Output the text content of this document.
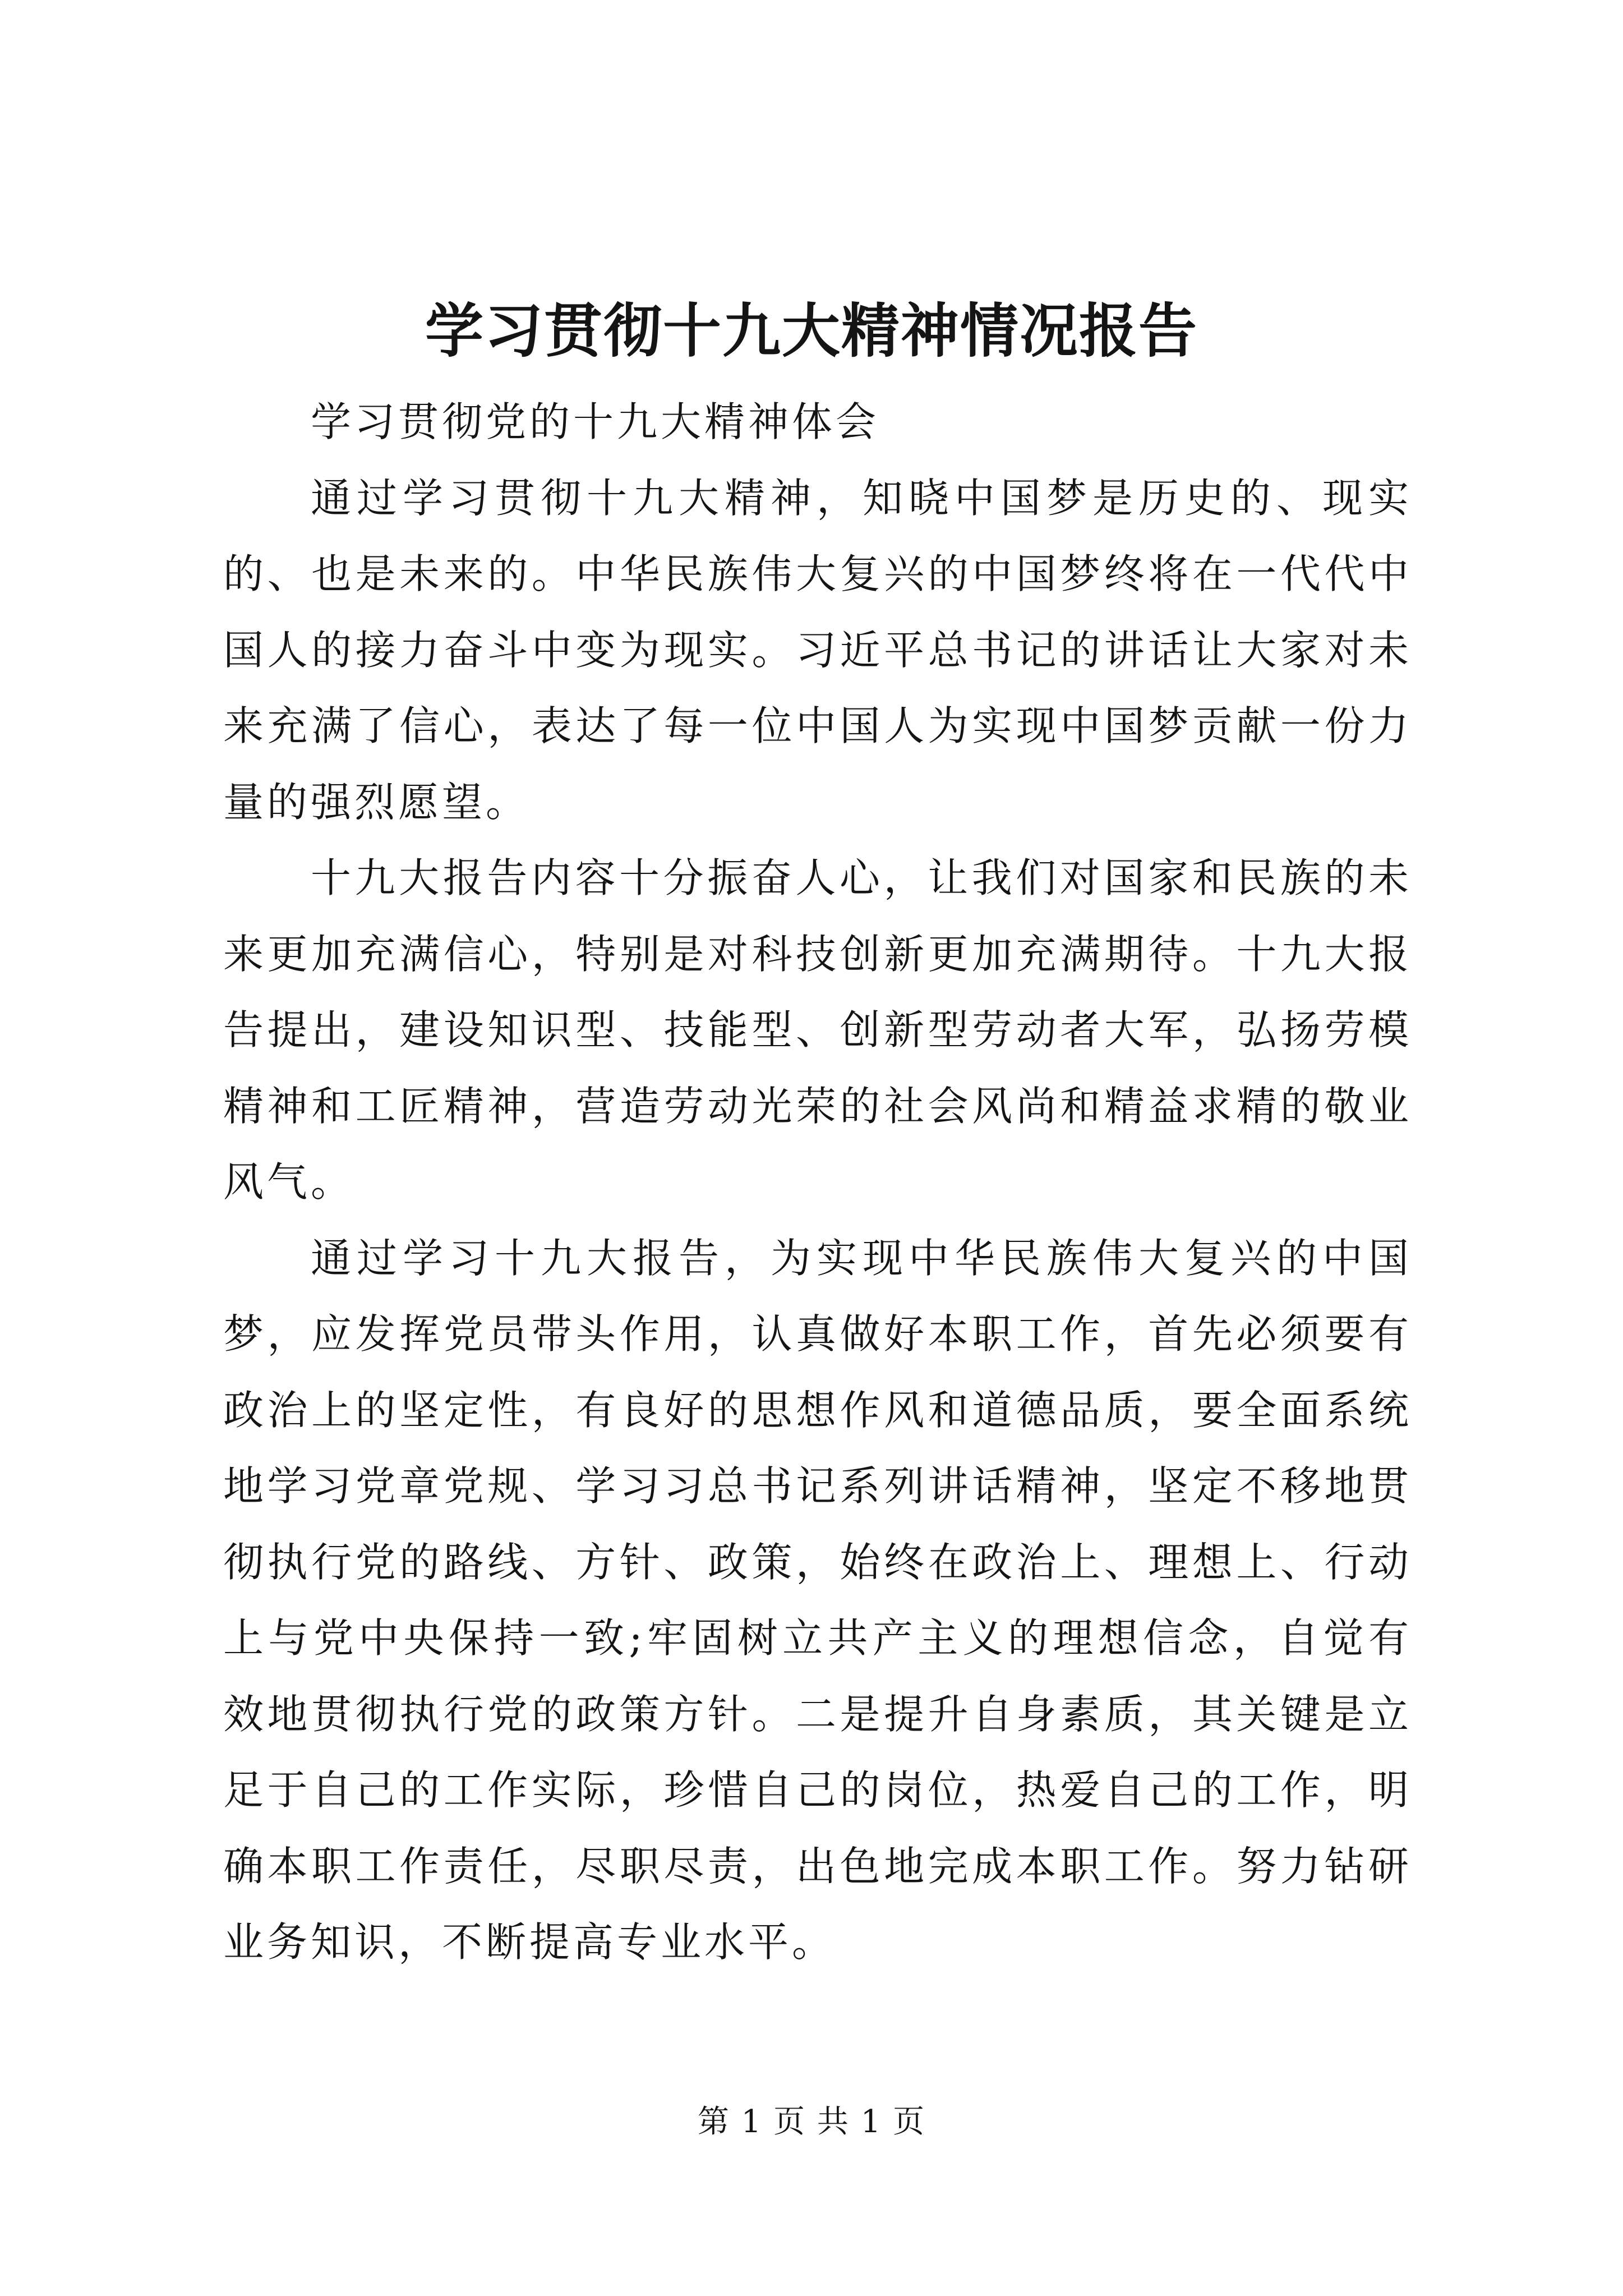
学习贯彻十九大精神情况报告

学习贯彻党的十九大精神体会

通过学习贯彻十九大精神，知晓中国梦是历史的、现实的、也是未来的。中华民族伟大复兴的中国梦终将在一代代中国人的接力奋斗中变为现实。习近平总书记的讲话让大家对未来充满了信心，表达了每一位中国人为实现中国梦贡献一份力量的强烈愿望。

十九大报告内容十分振奋人心，让我们对国家和民族的未来更加充满信心，特别是对科技创新更加充满期待。十九大报告提出，建设知识型、技能型、创新型劳动者大军，弘扬劳模精神和工匠精神，营造劳动光荣的社会风尚和精益求精的敬业风气。

通过学习十九大报告，为实现中华民族伟大复兴的中国梦，应发挥党员带头作用，认真做好本职工作，首先必须要有政治上的坚定性，有良好的思想作风和道德品质，要全面系统地学习党章党规、学习习总书记系列讲话精神，坚定不移地贯彻执行党的路线、方针、政策，始终在政治上、理想上、行动上与党中央保持一致;牢固树立共产主义的理想信念，自觉有效地贯彻执行党的政策方针。二是提升自身素质，其关键是立足于自己的工作实际，珍惜自己的岗位，热爱自己的工作，明确本职工作责任，尽职尽责，出色地完成本职工作。努力钻研业务知识，不断提高专业水平。

第 1 页 共 1 页
